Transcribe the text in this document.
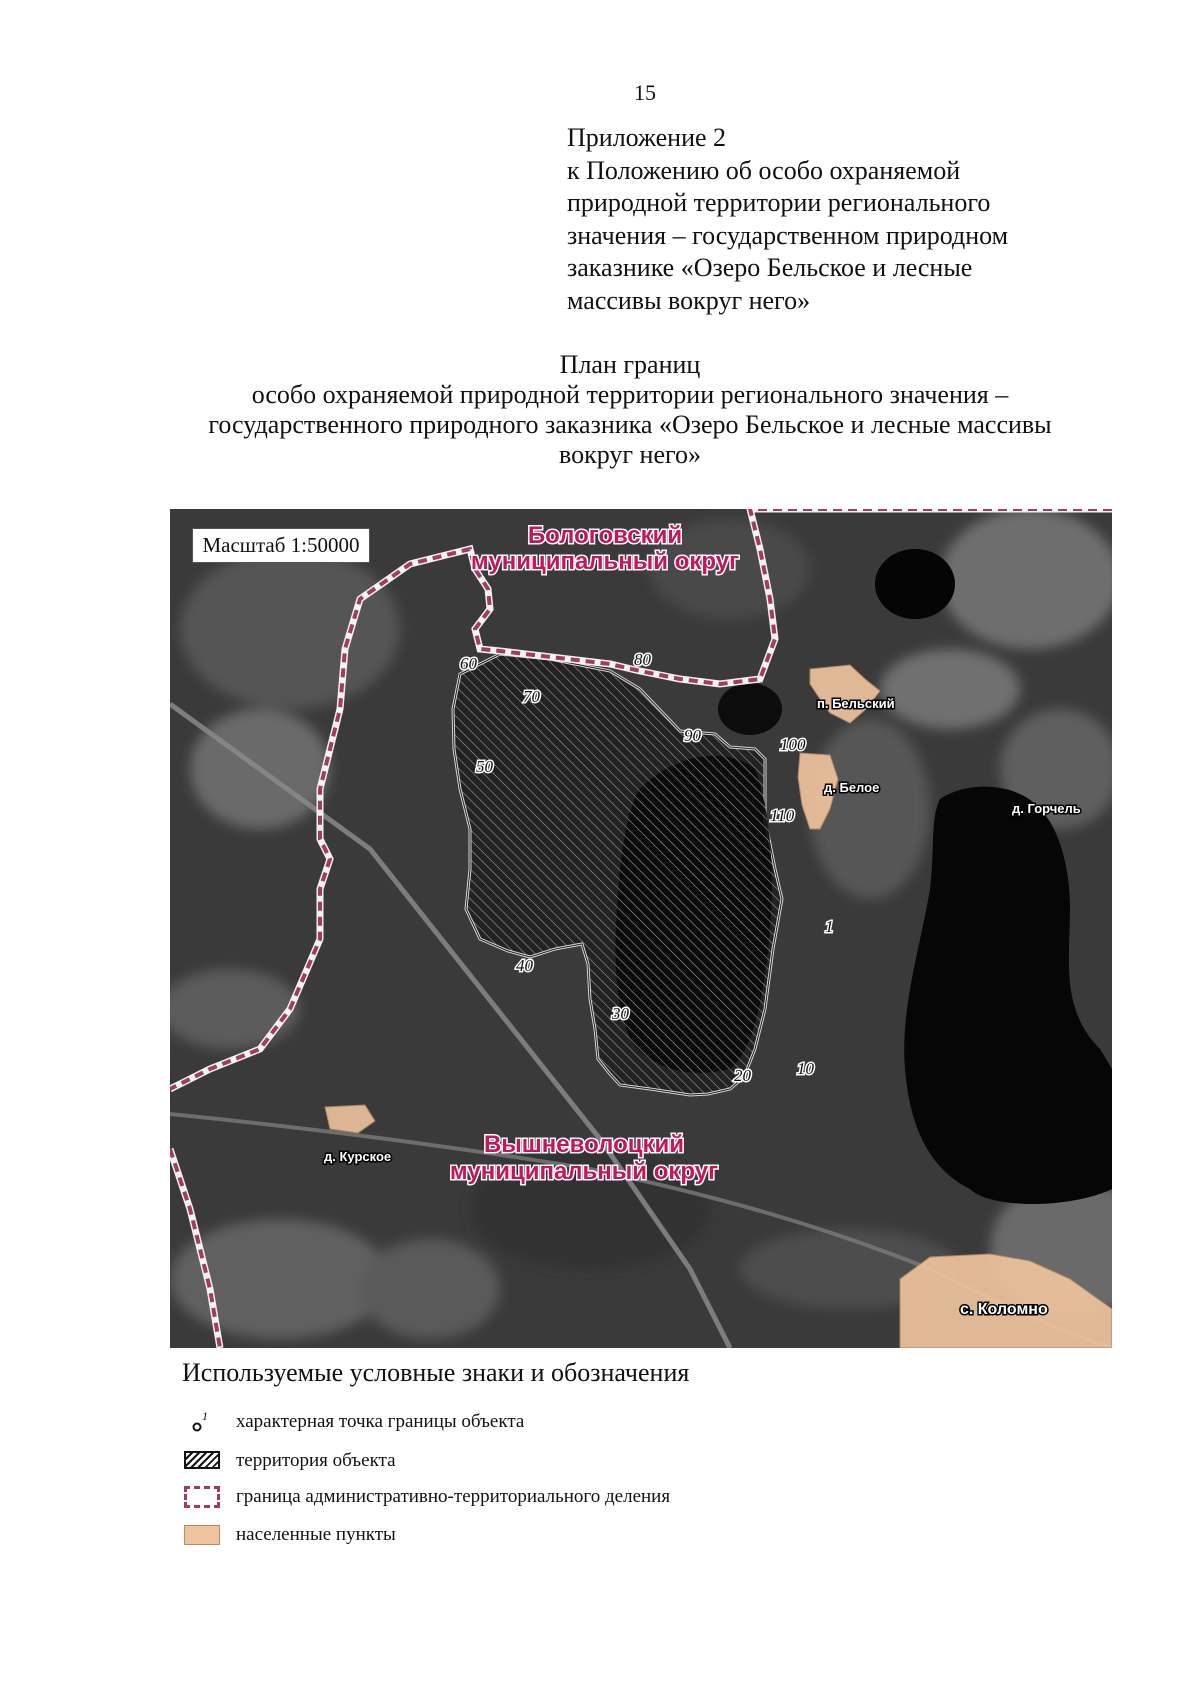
15
Приложение 2
к Положению об особо охраняемой
природной территории регионального
значения – государственном природном
заказнике «Озеро Бельское и лесные
массивы вокруг него»
План границ
особо охраняемой природной территории регионального значения –
государственного природного заказника «Озеро Бельское и лесные массивы
вокруг него»
Бологовский
муниципальный округ
Вышневолоцкий
муниципальный округ
п. Бельский
д. Белое
д. Горчель
д. Курское
с. Коломно
1
10
20
30
40
50
60
70
80
90	100
110
Масштаб 1:50000
Используемые условные знаки и обозначения
1 характерная точка границы объекта
территория объекта
граница административно-территориального деления
населенные пункты
